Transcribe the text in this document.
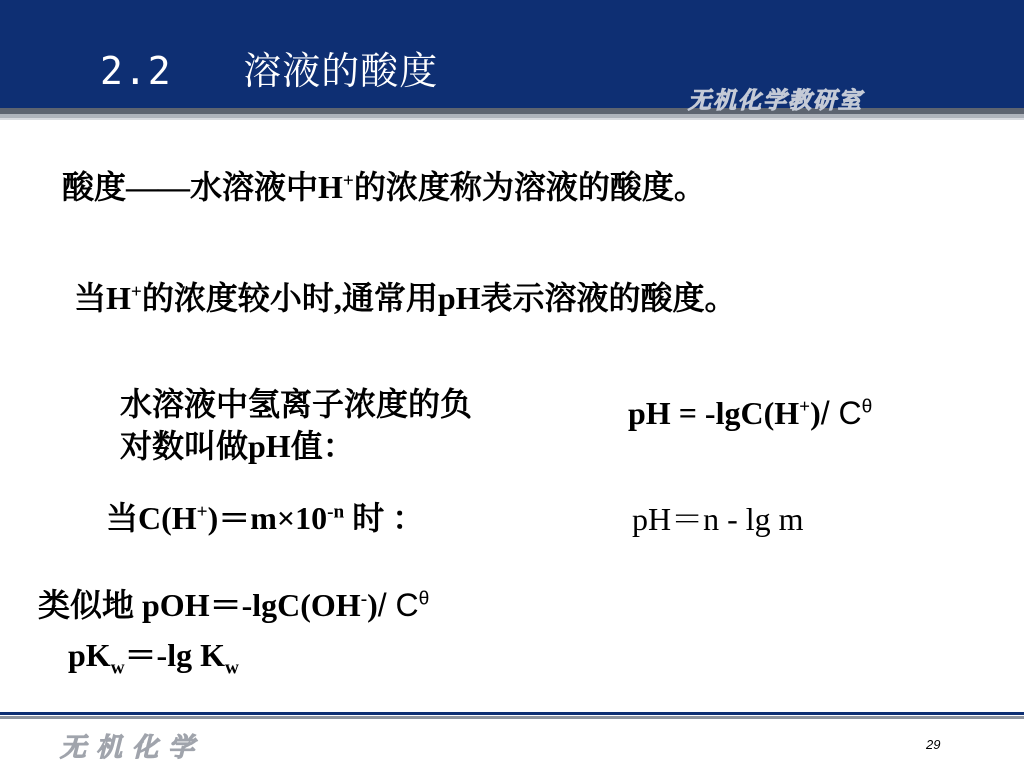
2.2   溶液的酸度
无机化学教研室
酸度——水溶液中H+的浓度称为溶液的酸度。
当H+的浓度较小时,通常用pH表示溶液的酸度。
水溶液中氢离子浓度的负
对数叫做pH值：
pH = -lgC(H+)/ $C^\theta$
当$C(H^+)=m\times 10^{-n}$ 时 ：	pH＝n - lg m
类似地 pOH＝-lgC(OH-)/ $C^\theta$
$pK_w=-\lg$ $K_w$
无机化学	29
